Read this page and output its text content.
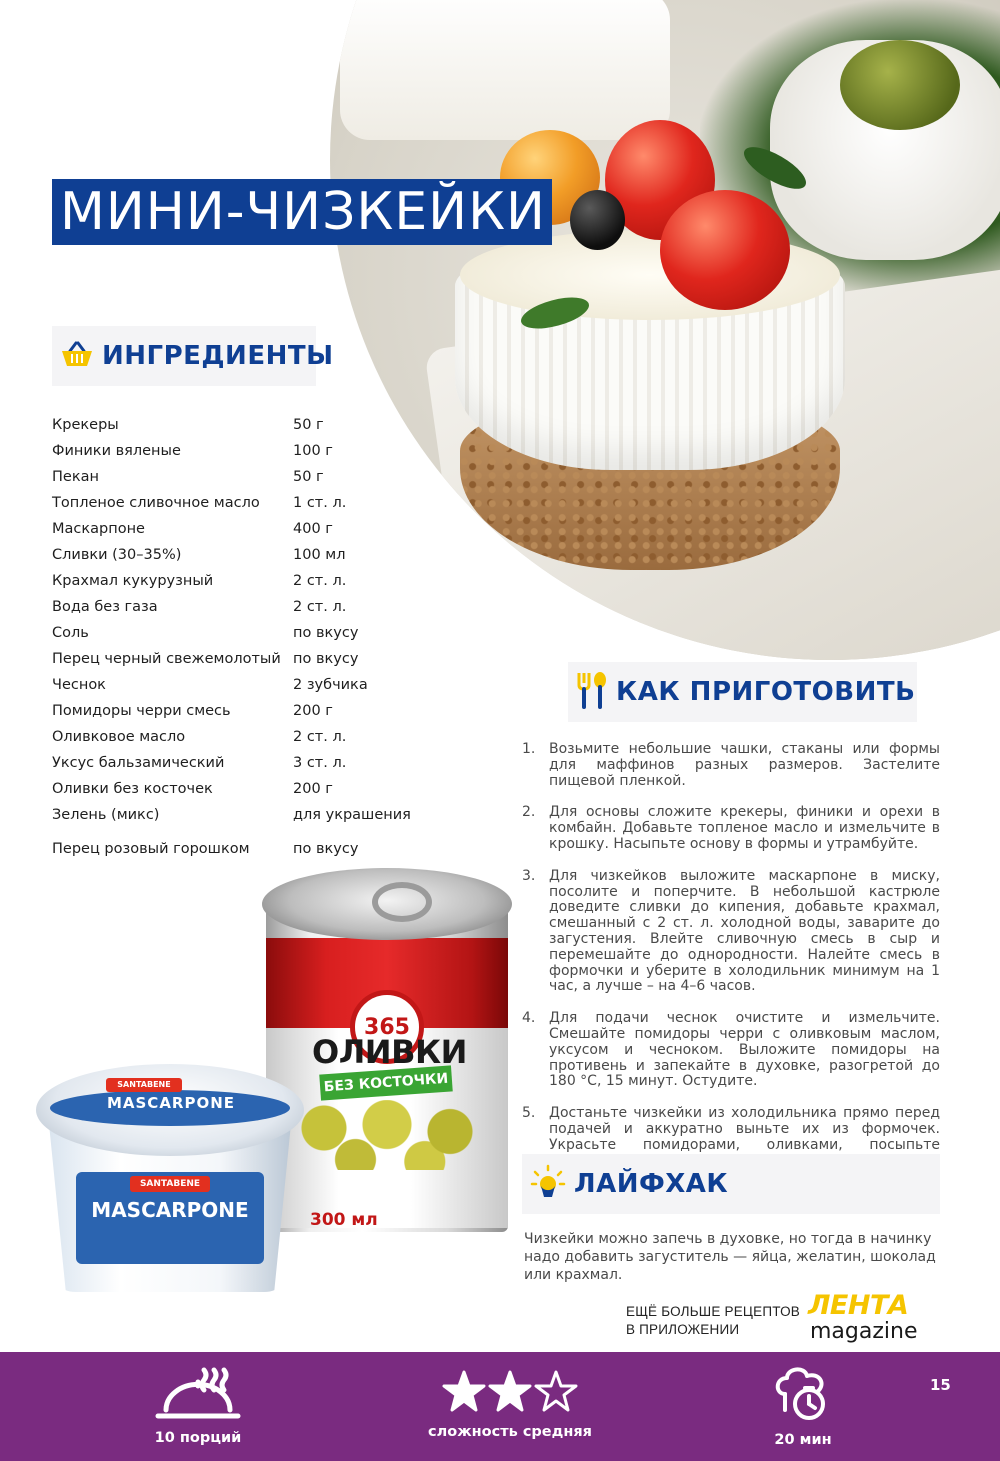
МИНИ-ЧИЗКЕЙКИ
ИНГРЕДИЕНТЫ
Крекеры	50 г
Финики вяленые	100 г
Пекан	50 г
Топленое сливочное масло	1 ст. л.
Маскарпоне	400 г
Сливки (30–35%)	100 мл
Крахмал кукурузный	2 ст. л.
Вода без газа	2 ст. л.
Соль	по вкусу
Перец черный свежемолотый по вкусу
Чеснок	2 зубчика
Помидоры черри смесь	200 г
Оливковое масло	2 ст. л.
Уксус бальзамический	3 ст. л.
Оливки без косточек	200 г
Зелень (микс)	для украшения
Перец розовый горошком	по вкусу
365
ОЛИВКИ
БЕЗ КОСТОЧКИ
300 мл
SANTABENE
MASCARPONE
SANTABENE
MASCARPONE
КАК ПРИГОТОВИТЬ
1. Возьмите небольшие чашки, стаканы или формы для маффинов разных размеров. Застелите пищевой пленкой.
2. Для основы сложите крекеры, финики и орехи в комбайн. Добавьте топленое масло и измельчите в крошку. Насыпьте основу в формы и утрамбуйте.
3. Для чизкейков выложите маскарпоне в миску, посолите и поперчите. В небольшой кастрюле доведите сливки до кипения, добавьте крахмал, смешанный с 2 ст. л. холодной воды, заварите до загустения. Влейте сливочную смесь в сыр и перемешайте до однородности. Налейте смесь в формочки и уберите в холодильник минимум на 1 час, а лучше – на 4–6 часов.
4. Для подачи чеснок очистите и измельчите. Смешайте помидоры черри с оливковым маслом, уксусом и чесноком. Выложите помидоры на противень и запекайте в духовке, разогретой до 180 °C, 15 минут. Остудите.
5. Достаньте чизкейки из холодильника прямо перед подачей и аккуратно выньте их из формочек. Украсьте помидорами, оливками, посыпьте
ЛАЙФХАК
Чизкейки можно запечь в духовке, но тогда в начинку надо добавить загуститель — яйца, желатин, шоколад или крахмал.
ЕЩЁ БОЛЬШЕ РЕЦЕПТОВ
В ПРИЛОЖЕНИИ
ЛЕНТА
magazine
10 порций	сложность средняя	20 мин
15
